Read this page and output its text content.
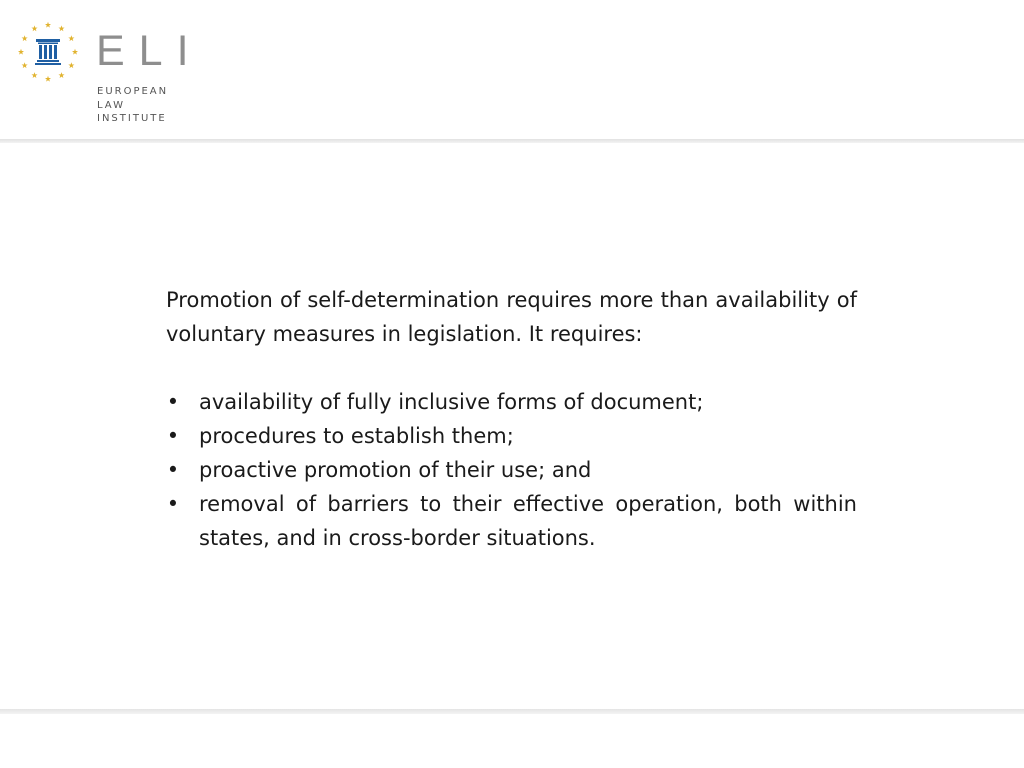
ELI
EUROPEAN
LAW
INSTITUTE

Promotion of self-determination requires more than availability of voluntary measures in legislation. It requires:

• availability of fully inclusive forms of document;
• procedures to establish them;
• proactive promotion of their use; and
• removal of barriers to their effective operation, both within states, and in cross-border situations.
